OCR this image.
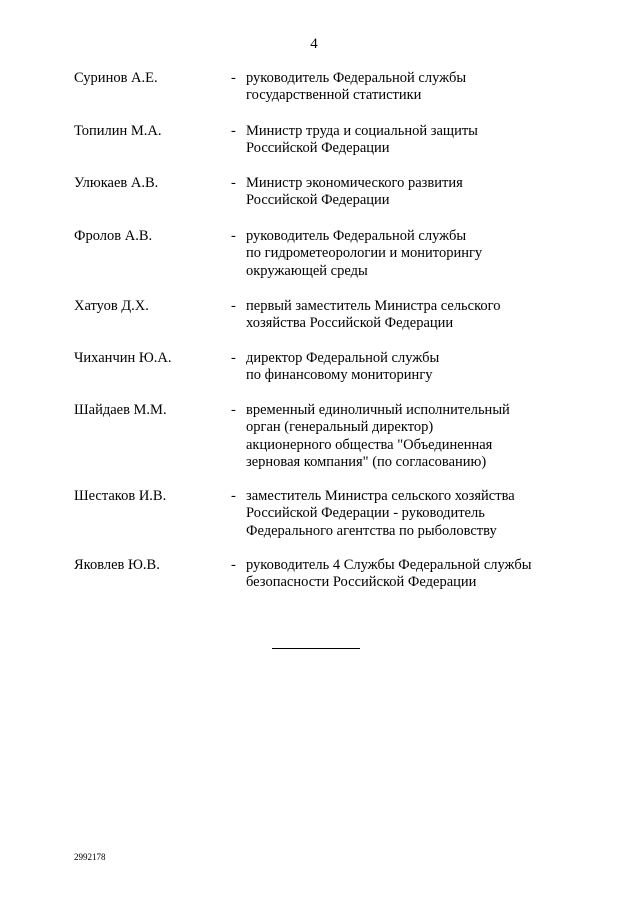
4
Суринов А.Е.	- руководитель Федеральной службы
государственной статистики
Топилин М.А.	- Министр труда и социальной защиты
Российской Федерации
Улюкаев А.В.	- Министр экономического развития
Российской Федерации
Фролов А.В.	- руководитель Федеральной службы
по гидрометеорологии и мониторингу
окружающей среды
Хатуов Д.Х.	- первый заместитель Министра сельского
хозяйства Российской Федерации
Чиханчин Ю.А.	- директор Федеральной службы
по финансовому мониторингу
Шайдаев М.М.	- временный единоличный исполнительный
орган (генеральный директор)
акционерного общества "Объединенная
зерновая компания" (по согласованию)
Шестаков И.В.	- заместитель Министра сельского хозяйства
Российской Федерации - руководитель
Федерального агентства по рыболовству
Яковлев Ю.В.	- руководитель 4 Службы Федеральной службы
безопасности Российской Федерации
2992178
